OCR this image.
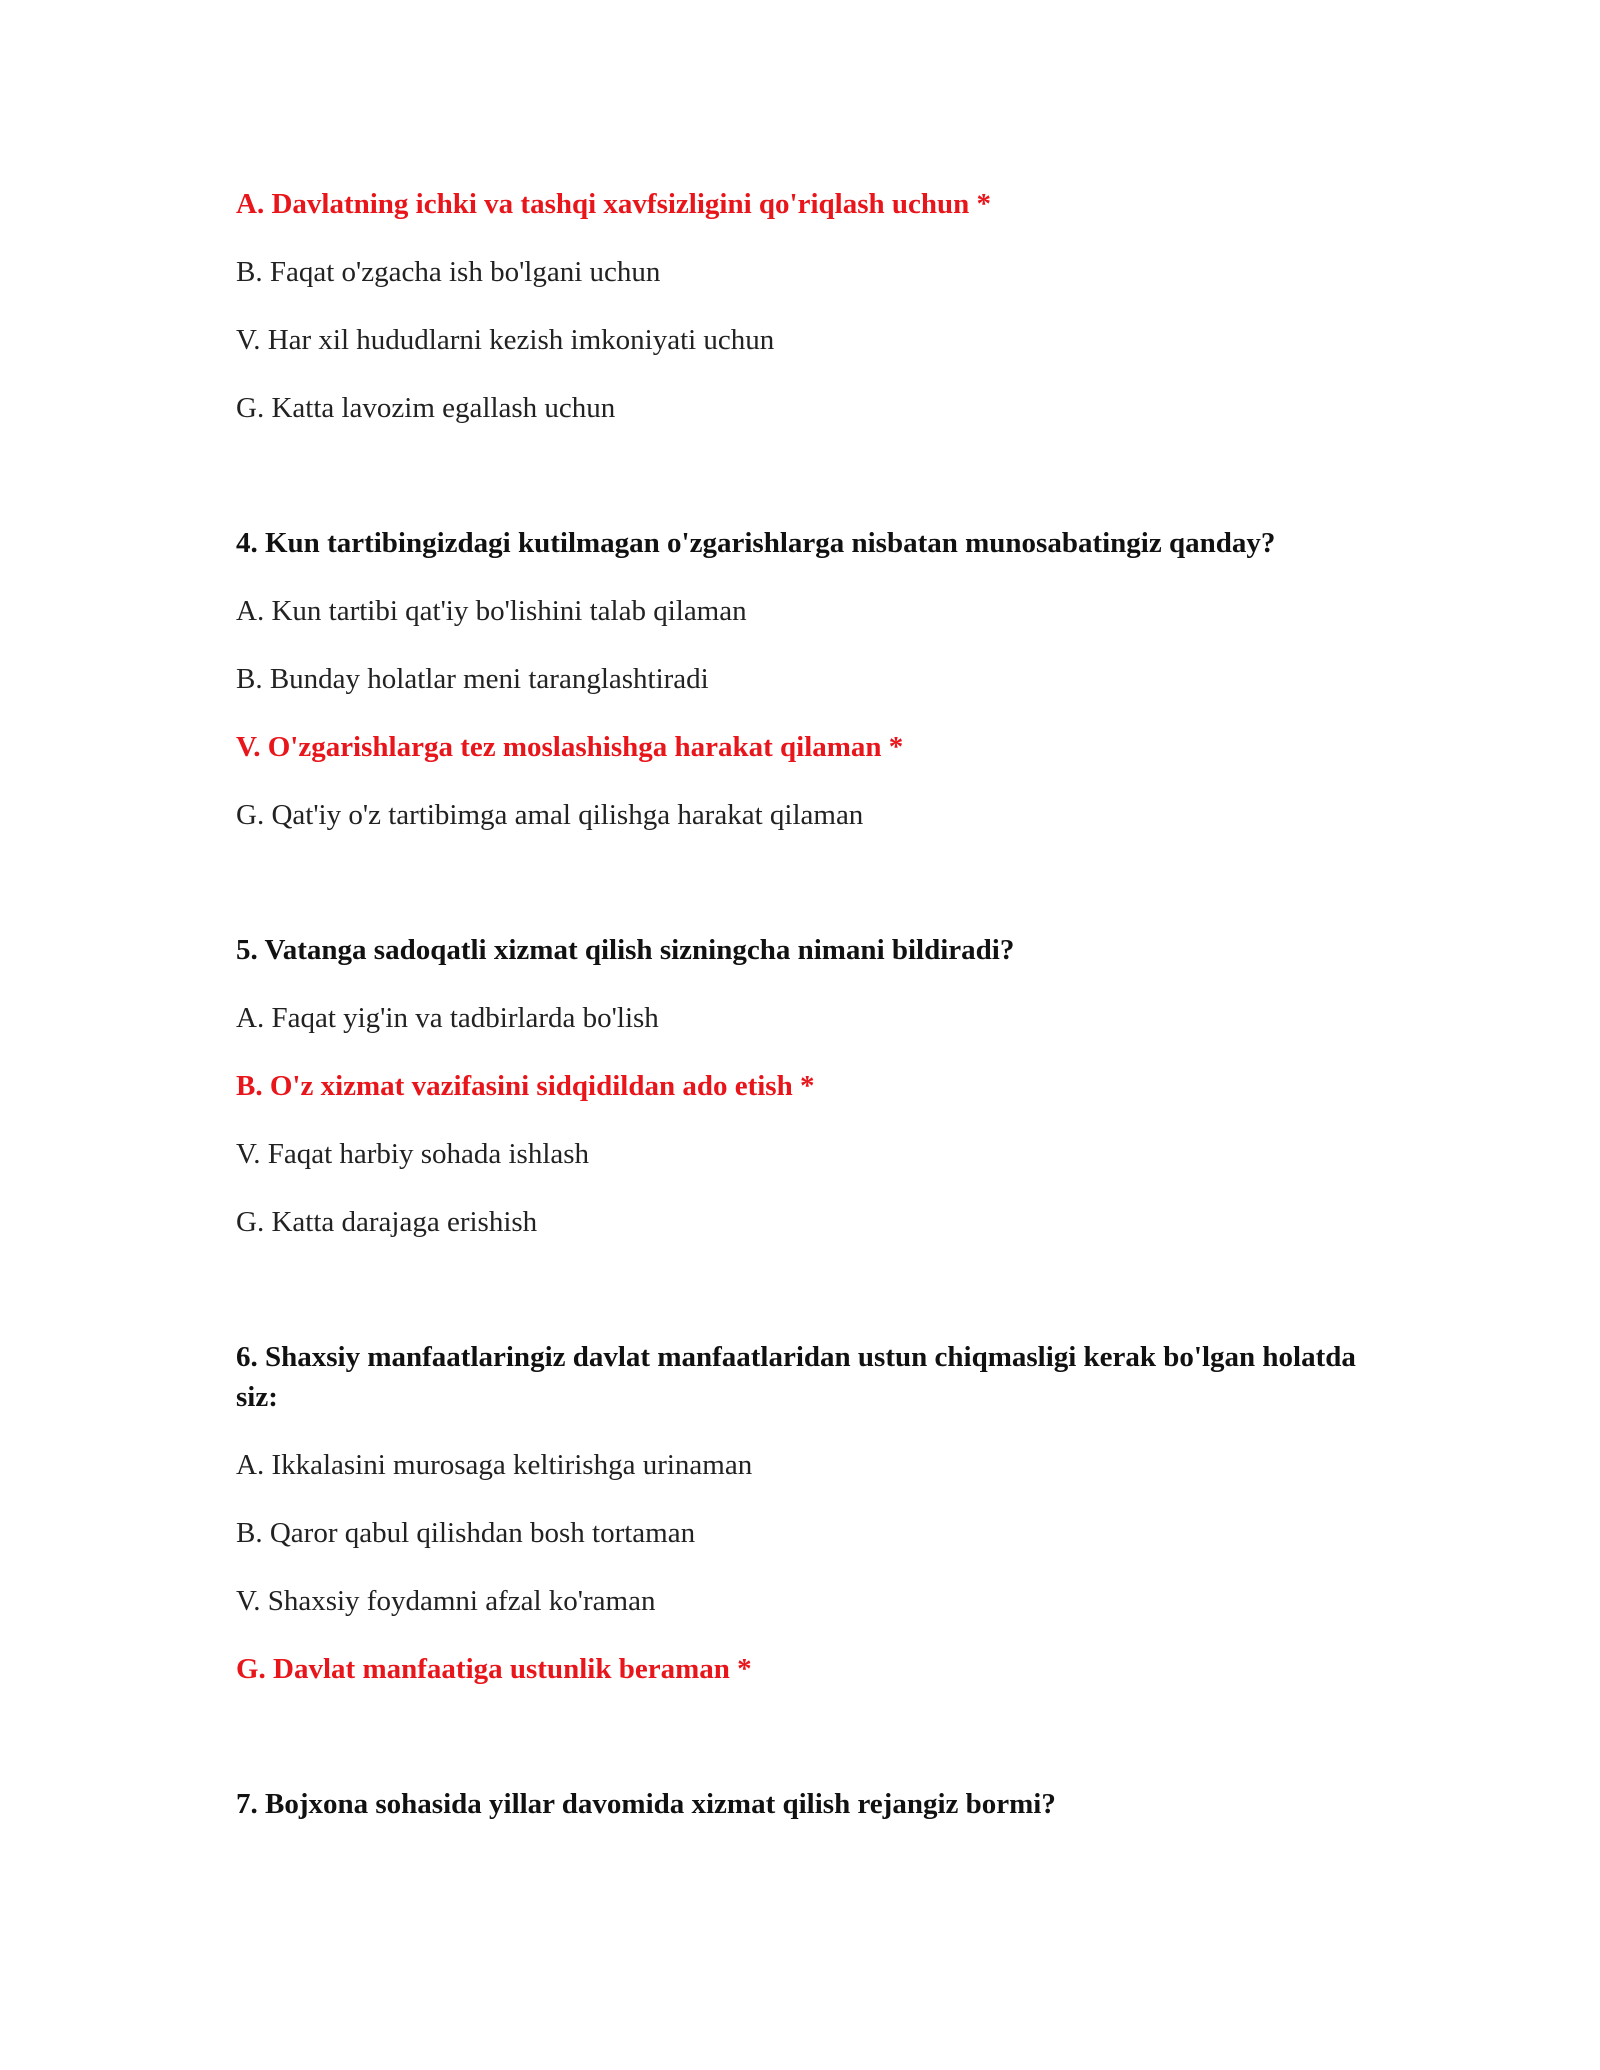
A. Davlatning ichki va tashqi xavfsizligini qo'riqlash uchun *
B. Faqat o'zgacha ish bo'lgani uchun
V. Har xil hududlarni kezish imkoniyati uchun
G. Katta lavozim egallash uchun
4. Kun tartibingizdagi kutilmagan o'zgarishlarga nisbatan munosabatingiz qanday?
A. Kun tartibi qat'iy bo'lishini talab qilaman
B. Bunday holatlar meni taranglashtiradi
V. O'zgarishlarga tez moslashishga harakat qilaman *
G. Qat'iy o'z tartibimga amal qilishga harakat qilaman
5. Vatanga sadoqatli xizmat qilish sizningcha nimani bildiradi?
A. Faqat yig'in va tadbirlarda bo'lish
B. O'z xizmat vazifasini sidqidildan ado etish *
V. Faqat harbiy sohada ishlash
G. Katta darajaga erishish
6. Shaxsiy manfaatlaringiz davlat manfaatlaridan ustun chiqmasligi kerak bo'lgan holatda siz:
A. Ikkalasini murosaga keltirishga urinaman
B. Qaror qabul qilishdan bosh tortaman
V. Shaxsiy foydamni afzal ko'raman
G. Davlat manfaatiga ustunlik beraman *
7. Bojxona sohasida yillar davomida xizmat qilish rejangiz bormi?
